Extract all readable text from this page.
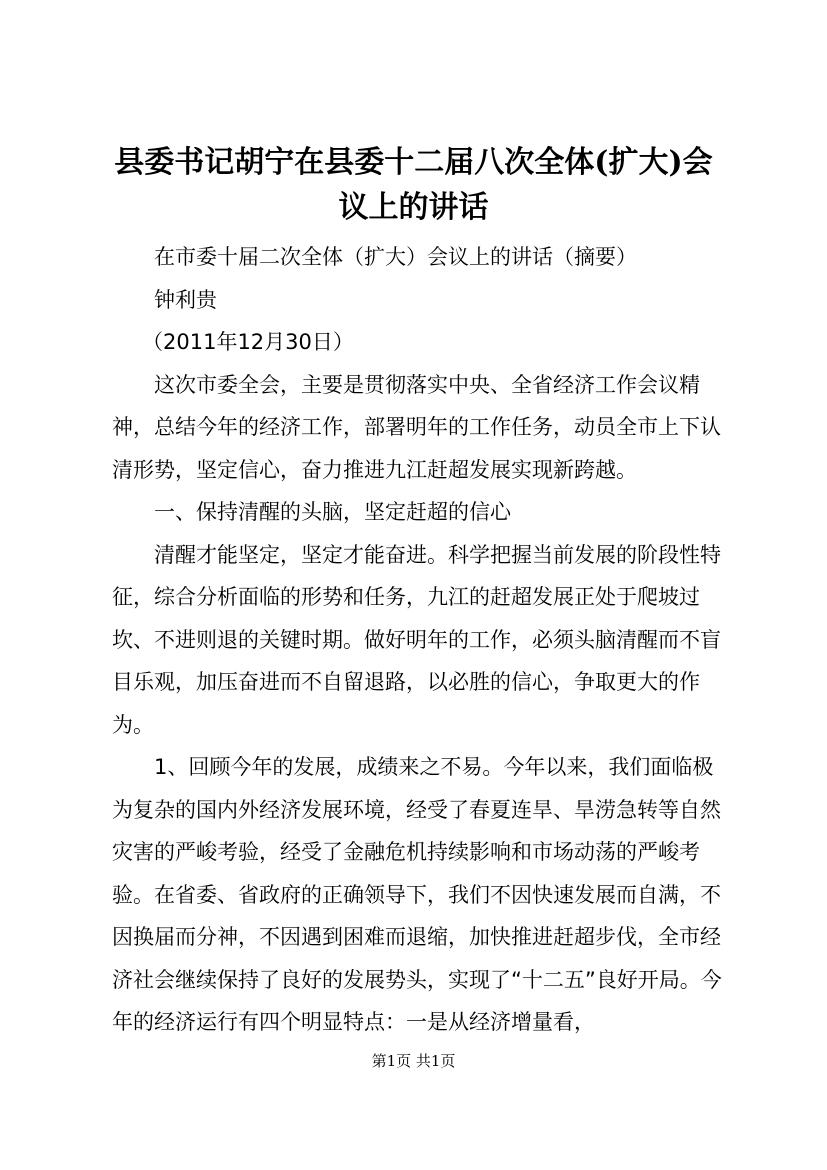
县委书记胡宁在县委十二届八次全体(扩大)会
议上的讲话

在市委十届二次全体（扩大）会议上的讲话（摘要）

钟利贵

（2011年12月30日）

这次市委全会，主要是贯彻落实中央、全省经济工作会议精神，总结今年的经济工作，部署明年的工作任务，动员全市上下认清形势，坚定信心，奋力推进九江赶超发展实现新跨越。

一、保持清醒的头脑，坚定赶超的信心

清醒才能坚定，坚定才能奋进。科学把握当前发展的阶段性特征，综合分析面临的形势和任务，九江的赶超发展正处于爬坡过坎、不进则退的关键时期。做好明年的工作，必须头脑清醒而不盲目乐观，加压奋进而不自留退路，以必胜的信心，争取更大的作为。

1、回顾今年的发展，成绩来之不易。今年以来，我们面临极为复杂的国内外经济发展环境，经受了春夏连旱、旱涝急转等自然灾害的严峻考验，经受了金融危机持续影响和市场动荡的严峻考验。在省委、省政府的正确领导下，我们不因快速发展而自满，不因换届而分神，不因遇到困难而退缩，加快推进赶超步伐，全市经济社会继续保持了良好的发展势头，实现了“十二五”良好开局。今年的经济运行有四个明显特点：一是从经济增量看，

第1页 共1页
